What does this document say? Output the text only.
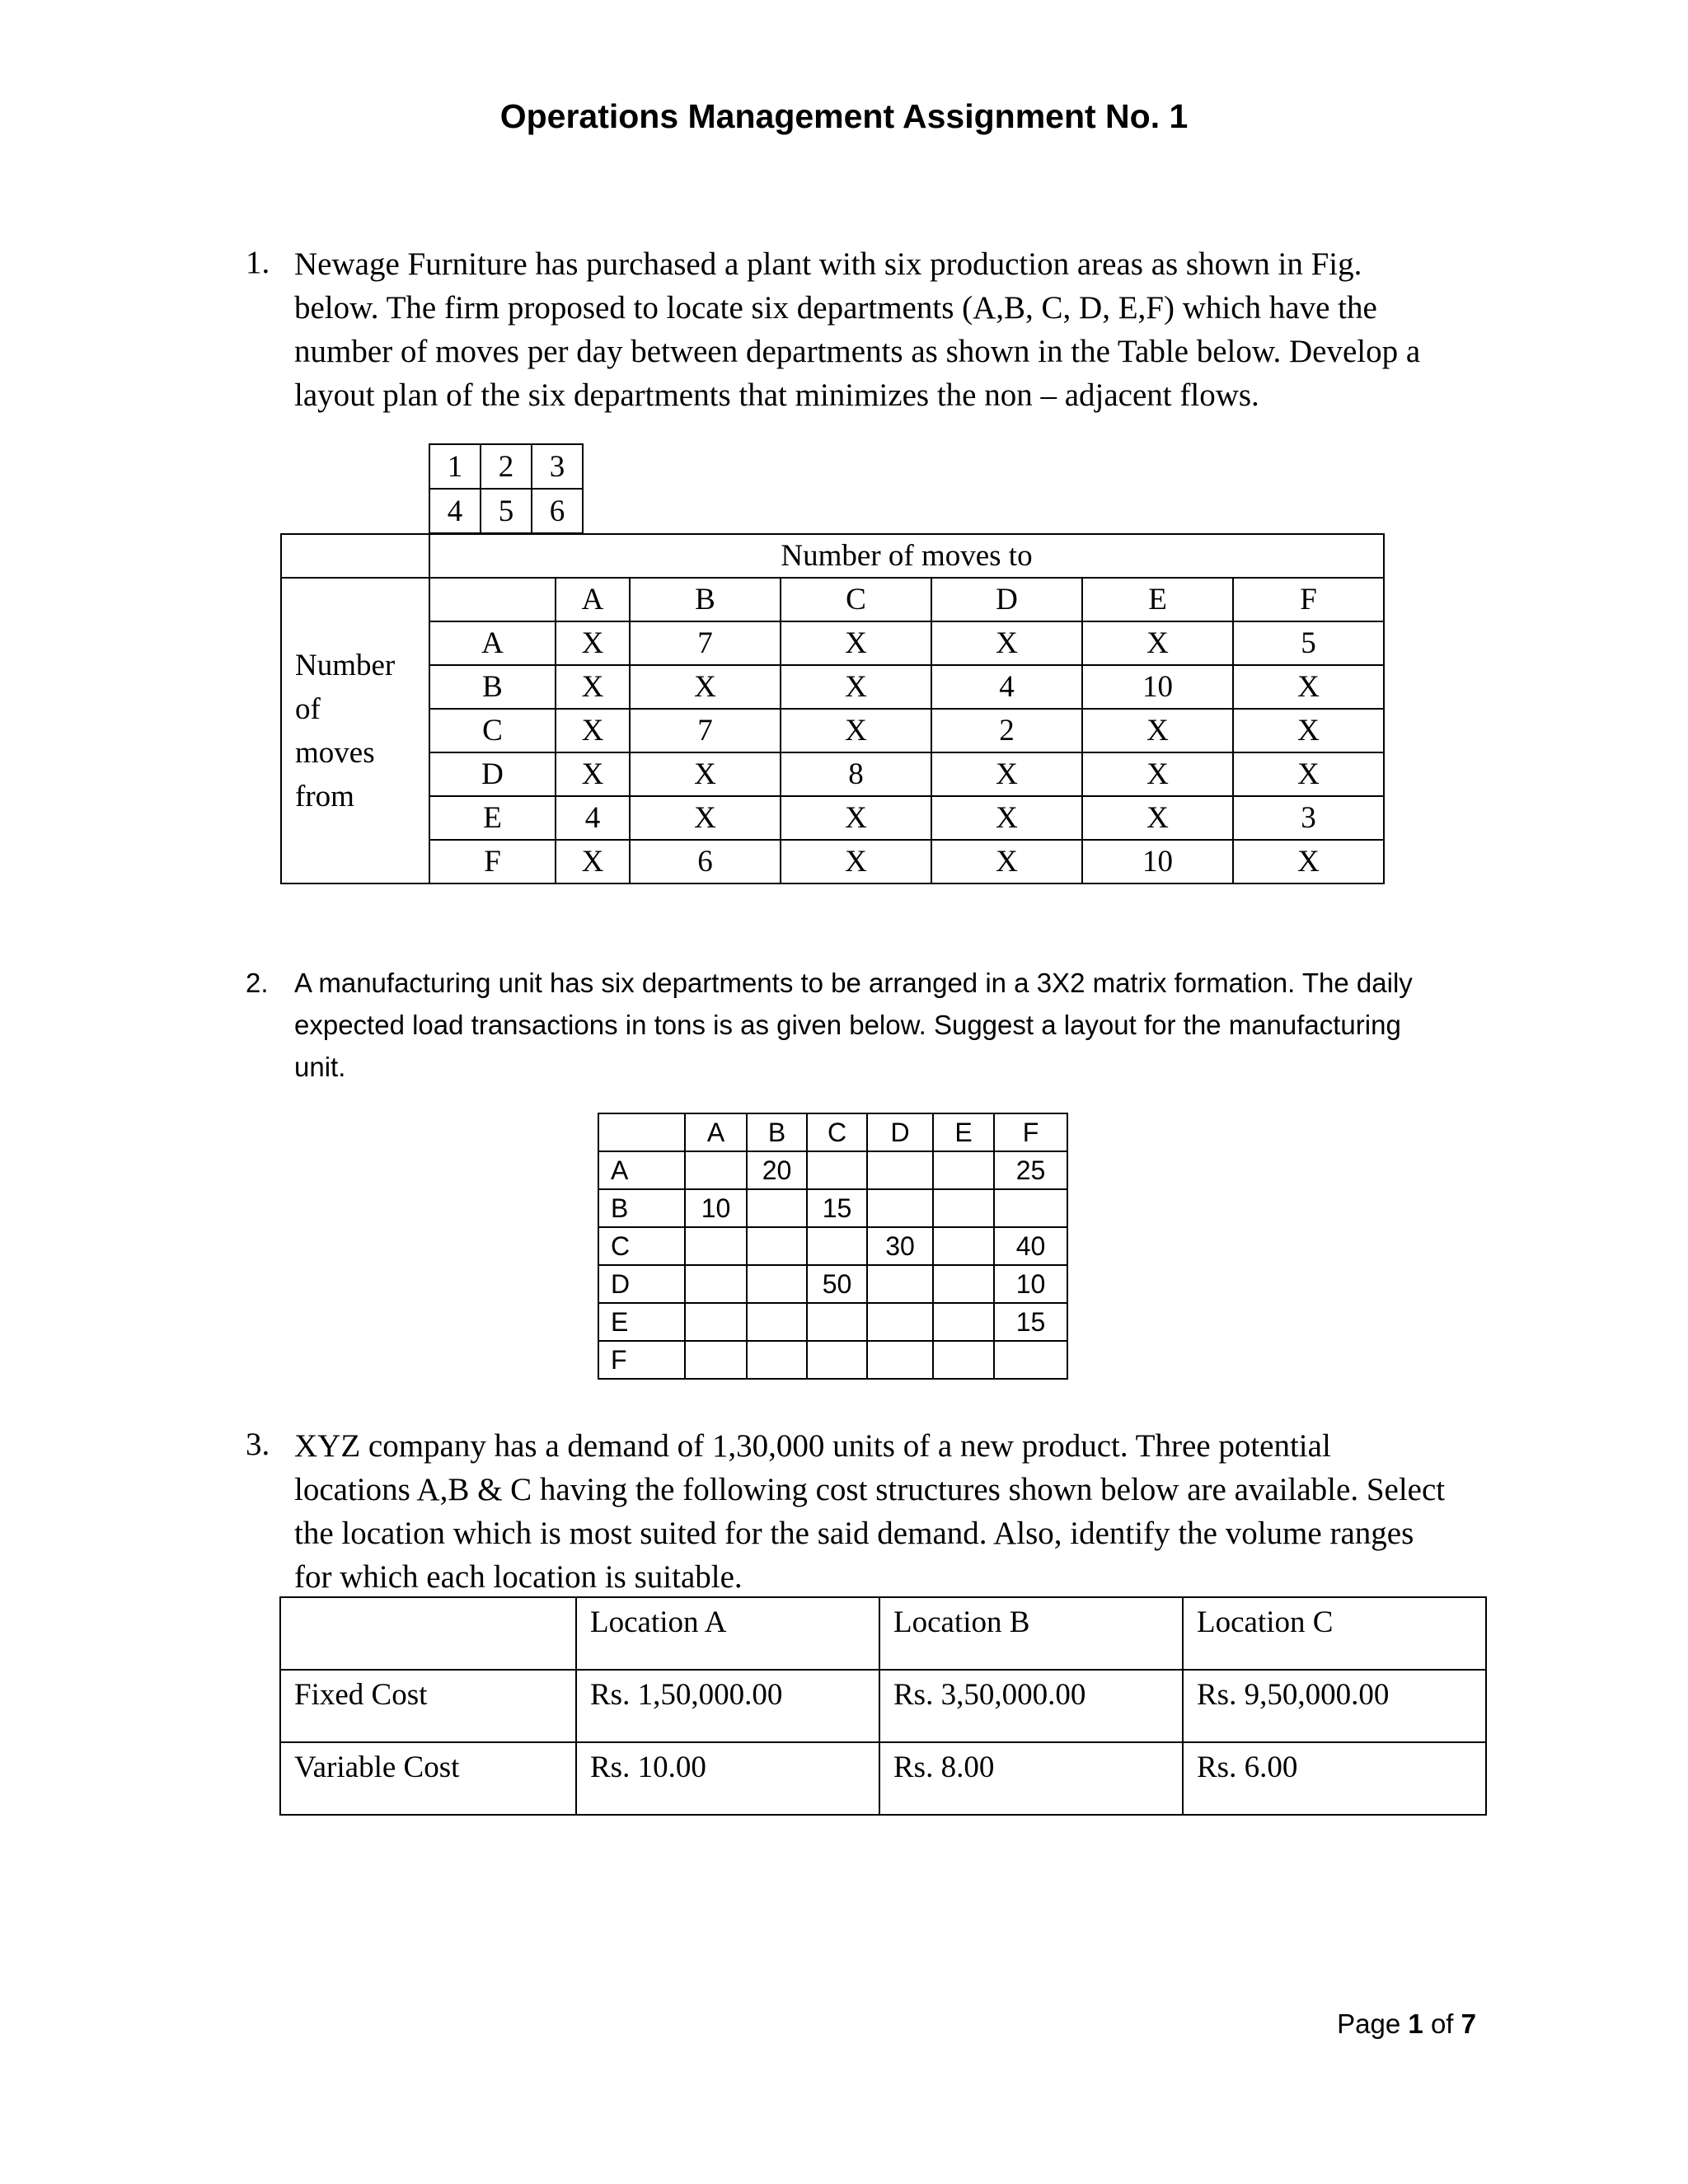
Operations Management Assignment No. 1
1. Newage Furniture has purchased a plant with six production areas as shown in Fig.
below. The firm proposed to locate six departments (A,B, C, D, E,F) which have the
number of moves per day between departments as shown in the Table below. Develop a
layout plan of the six departments that minimizes the non – adjacent flows.
1	2	3
4	5	6
	Number of moves to						

Number
of
moves
from		A	B	C	D	E	F
	A	X	7	X	X	X	5
	B	X	X	X	4	10	X
	C	X	7	X	2	X	X
	D	X	X	8	X	X	X
	E	4	X	X	X	X	3
	F	X	6	X	X	10	X
2. A manufacturing unit has six departments to be arranged in a 3X2 matrix formation. The daily
expected load transactions in tons is as given below. Suggest a layout for the manufacturing
unit.
	A	B	C	D	E	F
A		20				25
B	10		15			
C				30		40
D			50			10
E						15
F						
3. XYZ company has a demand of 1,30,000 units of a new product. Three potential
locations A,B & C having the following cost structures shown below are available. Select
the location which is most suited for the said demand. Also, identify the volume ranges
for which each location is suitable.
	Location A	Location B	Location C
Fixed Cost	Rs. 1,50,000.00	Rs. 3,50,000.00	Rs. 9,50,000.00
Variable Cost	Rs. 10.00	Rs. 8.00	Rs. 6.00
Page 1 of 7
